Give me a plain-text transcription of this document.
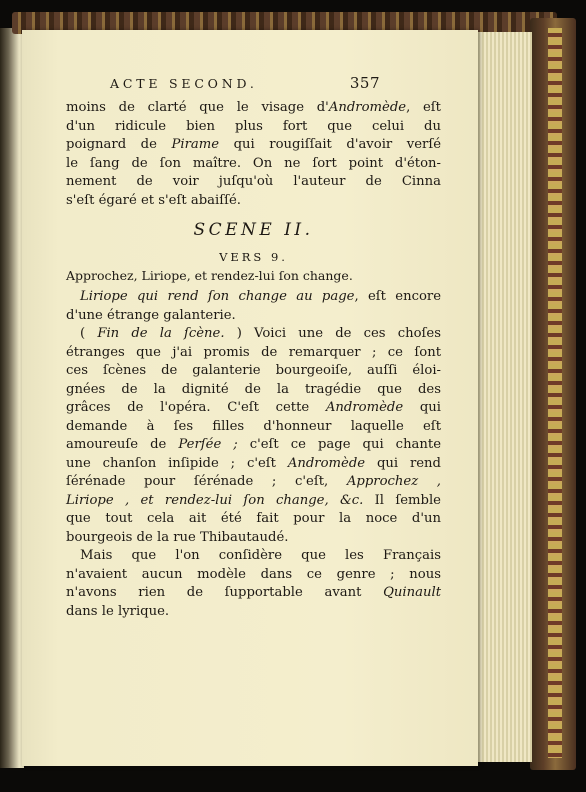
ACTE SECOND.	357
moins de clarté que le visage d'Andromède, eſt
d'un ridicule bien plus fort que celui du
poignard de Pirame qui rougiſſait d'avoir verſé
le ſang de ſon maître. On ne ſort point d'éton-
nement de voir juſqu'où l'auteur de Cinna
s'eſt égaré et s'eſt abaiſſé.
SCENE II.
VERS 9.
Approchez, Liriope, et rendez-lui ſon change.
Liriope qui rend ſon change au page, eſt encore
d'une étrange galanterie.
( Fin de la ſcène. ) Voici une de ces choſes
étranges que j'ai promis de remarquer ; ce ſont
ces ſcènes de galanterie bourgeoiſe, auſſi éloi-
gnées de la dignité de la tragédie que des
grâces de l'opéra. C'eſt cette Andromède qui
demande à ſes filles d'honneur laquelle eſt
amoureuſe de Perſée ; c'eſt ce page qui chante
une chanſon inſipide ; c'eſt Andromède qui rend
ſérénade pour ſérénade ; c'eſt, Approchez ,
Liriope , et rendez-lui ſon change, &c. Il ſemble
que tout cela ait été fait pour la noce d'un
bourgeois de la rue Thibautaudé.
Mais que l'on conſidère que les Français
n'avaient aucun modèle dans ce genre ; nous
n'avons rien de ſupportable avant Quinault
dans le lyrique.
